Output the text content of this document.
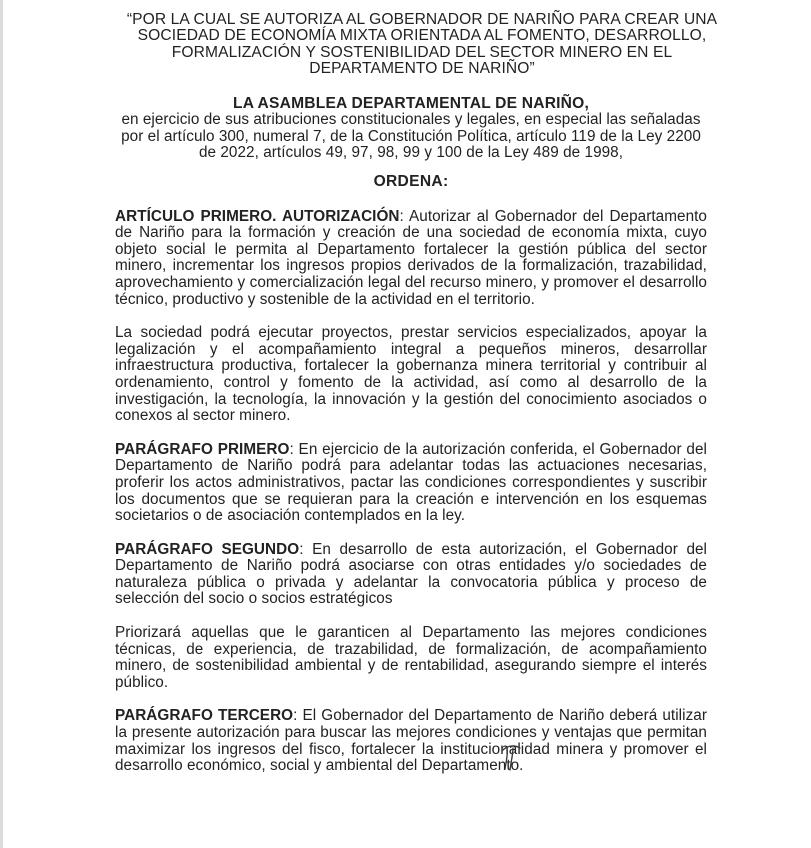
“POR LA CUAL SE AUTORIZA AL GOBERNADOR DE NARIÑO PARA CREAR UNA SOCIEDAD DE ECONOMÍA MIXTA ORIENTADA AL FOMENTO, DESARROLLO, FORMALIZACIÓN Y SOSTENIBILIDAD DEL SECTOR MINERO EN EL DEPARTAMENTO DE NARIÑO”
LA ASAMBLEA DEPARTAMENTAL DE NARIÑO,
en ejercicio de sus atribuciones constitucionales y legales, en especial las señaladas por el artículo 300, numeral 7, de la Constitución Política, artículo 119 de la Ley 2200 de 2022, artículos 49, 97, 98, 99 y 100 de la Ley 489 de 1998,
ORDENA:

ARTÍCULO PRIMERO. AUTORIZACIÓN: Autorizar al Gobernador del Departamento de Nariño para la formación y creación de una sociedad de economía mixta, cuyo objeto social le permita al Departamento fortalecer la gestión pública del sector minero, incrementar los ingresos propios derivados de la formalización, trazabilidad, aprovechamiento y comercialización legal del recurso minero, y promover el desarrollo técnico, productivo y sostenible de la actividad en el territorio.

La sociedad podrá ejecutar proyectos, prestar servicios especializados, apoyar la legalización y el acompañamiento integral a pequeños mineros, desarrollar infraestructura productiva, fortalecer la gobernanza minera territorial y contribuir al ordenamiento, control y fomento de la actividad, así como al desarrollo de la investigación, la tecnología, la innovación y la gestión del conocimiento asociados o conexos al sector minero.

PARÁGRAFO PRIMERO: En ejercicio de la autorización conferida, el Gobernador del Departamento de Nariño podrá para adelantar todas las actuaciones necesarias, proferir los actos administrativos, pactar las condiciones correspondientes y suscribir los documentos que se requieran para la creación e intervención en los esquemas societarios o de asociación contemplados en la ley.

PARÁGRAFO SEGUNDO: En desarrollo de esta autorización, el Gobernador del Departamento de Nariño podrá asociarse con otras entidades y/o sociedades de naturaleza pública o privada y adelantar la convocatoria pública y proceso de selección del socio o socios estratégicos

Priorizará aquellas que le garanticen al Departamento las mejores condiciones técnicas, de experiencia, de trazabilidad, de formalización, de acompañamiento minero, de sostenibilidad ambiental y de rentabilidad, asegurando siempre el interés público.

PARÁGRAFO TERCERO: El Gobernador del Departamento de Nariño deberá utilizar la presente autorización para buscar las mejores condiciones y ventajas que permitan maximizar los ingresos del fisco, fortalecer la institucionalidad minera y promover el desarrollo económico, social y ambiental del Departamento.
